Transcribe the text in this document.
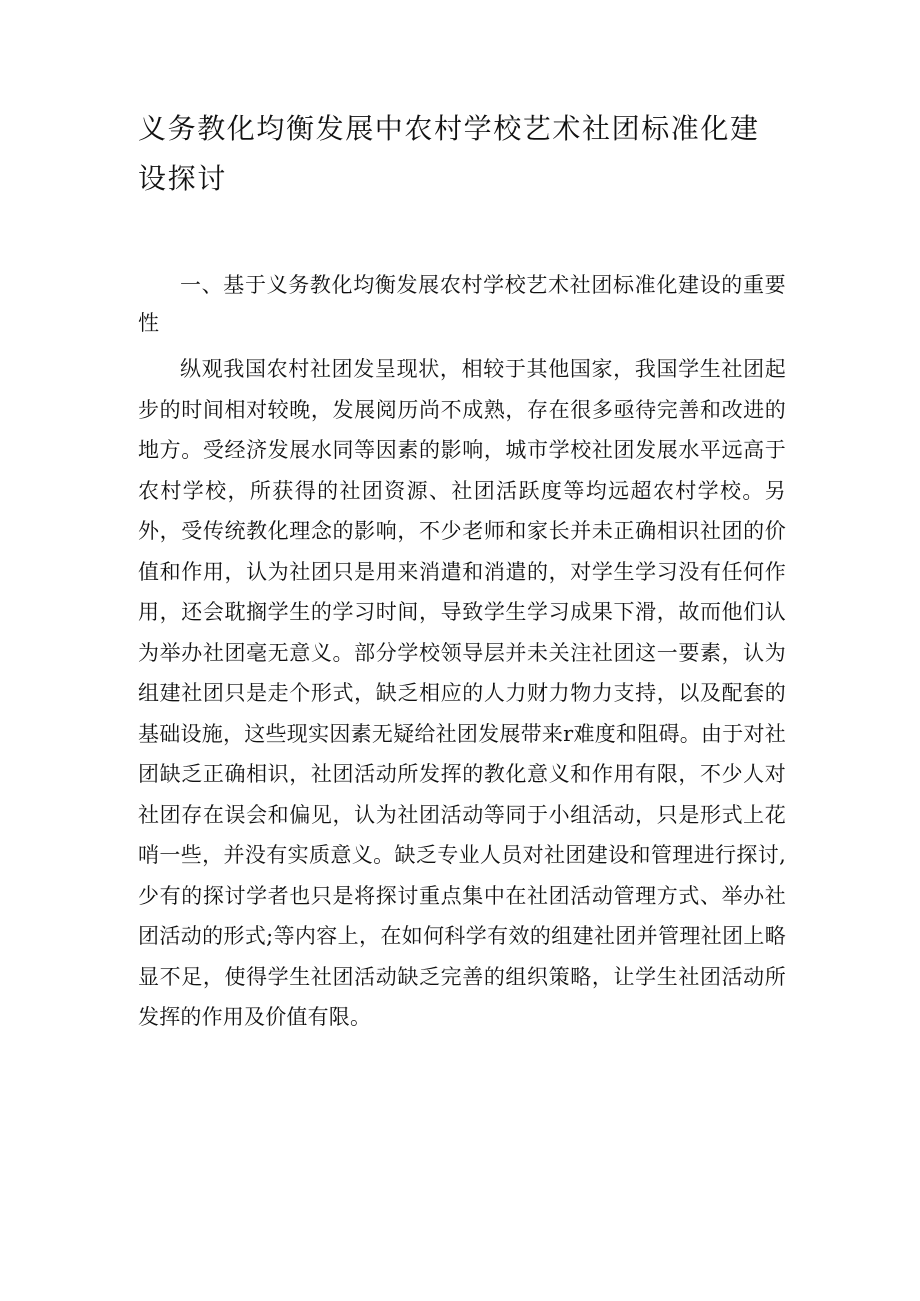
义务教化均衡发展中农村学校艺术社团标准化建设探讨
一、基于义务教化均衡发展农村学校艺术社团标准化建设的重要性

纵观我国农村社团发呈现状，相较于其他国家，我国学生社团起步的时间相对较晚，发展阅历尚不成熟，存在很多亟待完善和改进的地方。受经济发展水同等因素的影响，城市学校社团发展水平远高于农村学校，所获得的社团资源、社团活跃度等均远超农村学校。另外，受传统教化理念的影响，不少老师和家长并未正确相识社团的价值和作用，认为社团只是用来消遣和消遣的，对学生学习没有任何作用，还会耽搁学生的学习时间，导致学生学习成果下滑，故而他们认为举办社团毫无意义。部分学校领导层并未关注社团这一要素，认为组建社团只是走个形式，缺乏相应的人力财力物力支持，以及配套的基础设施，这些现实因素无疑给社团发展带来r难度和阻碍。由于对社团缺乏正确相识，社团活动所发挥的教化意义和作用有限，不少人对社团存在误会和偏见，认为社团活动等同于小组活动，只是形式上花哨一些，并没有实质意义。缺乏专业人员对社团建设和管理进行探讨,少有的探讨学者也只是将探讨重点集中在社团活动管理方式、举办社团活动的形式;等内容上，在如何科学有效的组建社团并管理社团上略显不足，使得学生社团活动缺乏完善的组织策略，让学生社团活动所发挥的作用及价值有限。
